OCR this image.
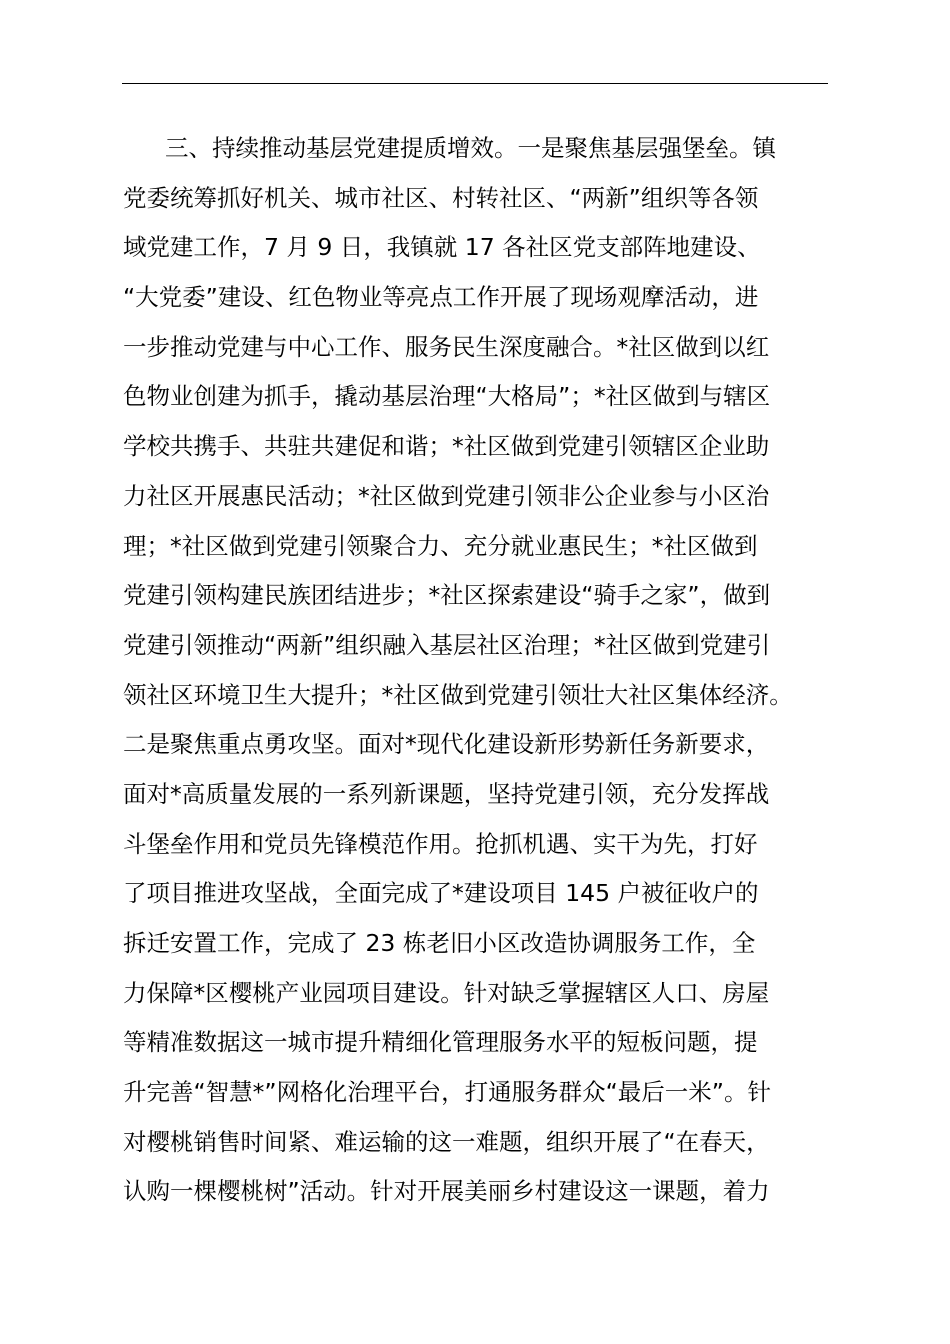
三、持续推动基层党建提质增效。一是聚焦基层强堡垒。镇
党委统筹抓好机关、城市社区、村转社区、“两新”组织等各领
域党建工作，7 月 9 日，我镇就 17 各社区党支部阵地建设、
“大党委”建设、红色物业等亮点工作开展了现场观摩活动，进
一步推动党建与中心工作、服务民生深度融合。*社区做到以红
色物业创建为抓手，撬动基层治理“大格局”；*社区做到与辖区
学校共携手、共驻共建促和谐；*社区做到党建引领辖区企业助
力社区开展惠民活动；*社区做到党建引领非公企业参与小区治
理；*社区做到党建引领聚合力、充分就业惠民生；*社区做到
党建引领构建民族团结进步；*社区探索建设“骑手之家”，做到
党建引领推动“两新”组织融入基层社区治理；*社区做到党建引
领社区环境卫生大提升；*社区做到党建引领壮大社区集体经济。
二是聚焦重点勇攻坚。面对*现代化建设新形势新任务新要求，
面对*高质量发展的一系列新课题，坚持党建引领，充分发挥战
斗堡垒作用和党员先锋模范作用。抢抓机遇、实干为先，打好
了项目推进攻坚战，全面完成了*建设项目 145 户被征收户的
拆迁安置工作，完成了 23 栋老旧小区改造协调服务工作，全
力保障*区樱桃产业园项目建设。针对缺乏掌握辖区人口、房屋
等精准数据这一城市提升精细化管理服务水平的短板问题，提
升完善“智慧*”网格化治理平台，打通服务群众“最后一米”。针
对樱桃销售时间紧、难运输的这一难题，组织开展了“在春天，
认购一棵樱桃树”活动。针对开展美丽乡村建设这一课题，着力
